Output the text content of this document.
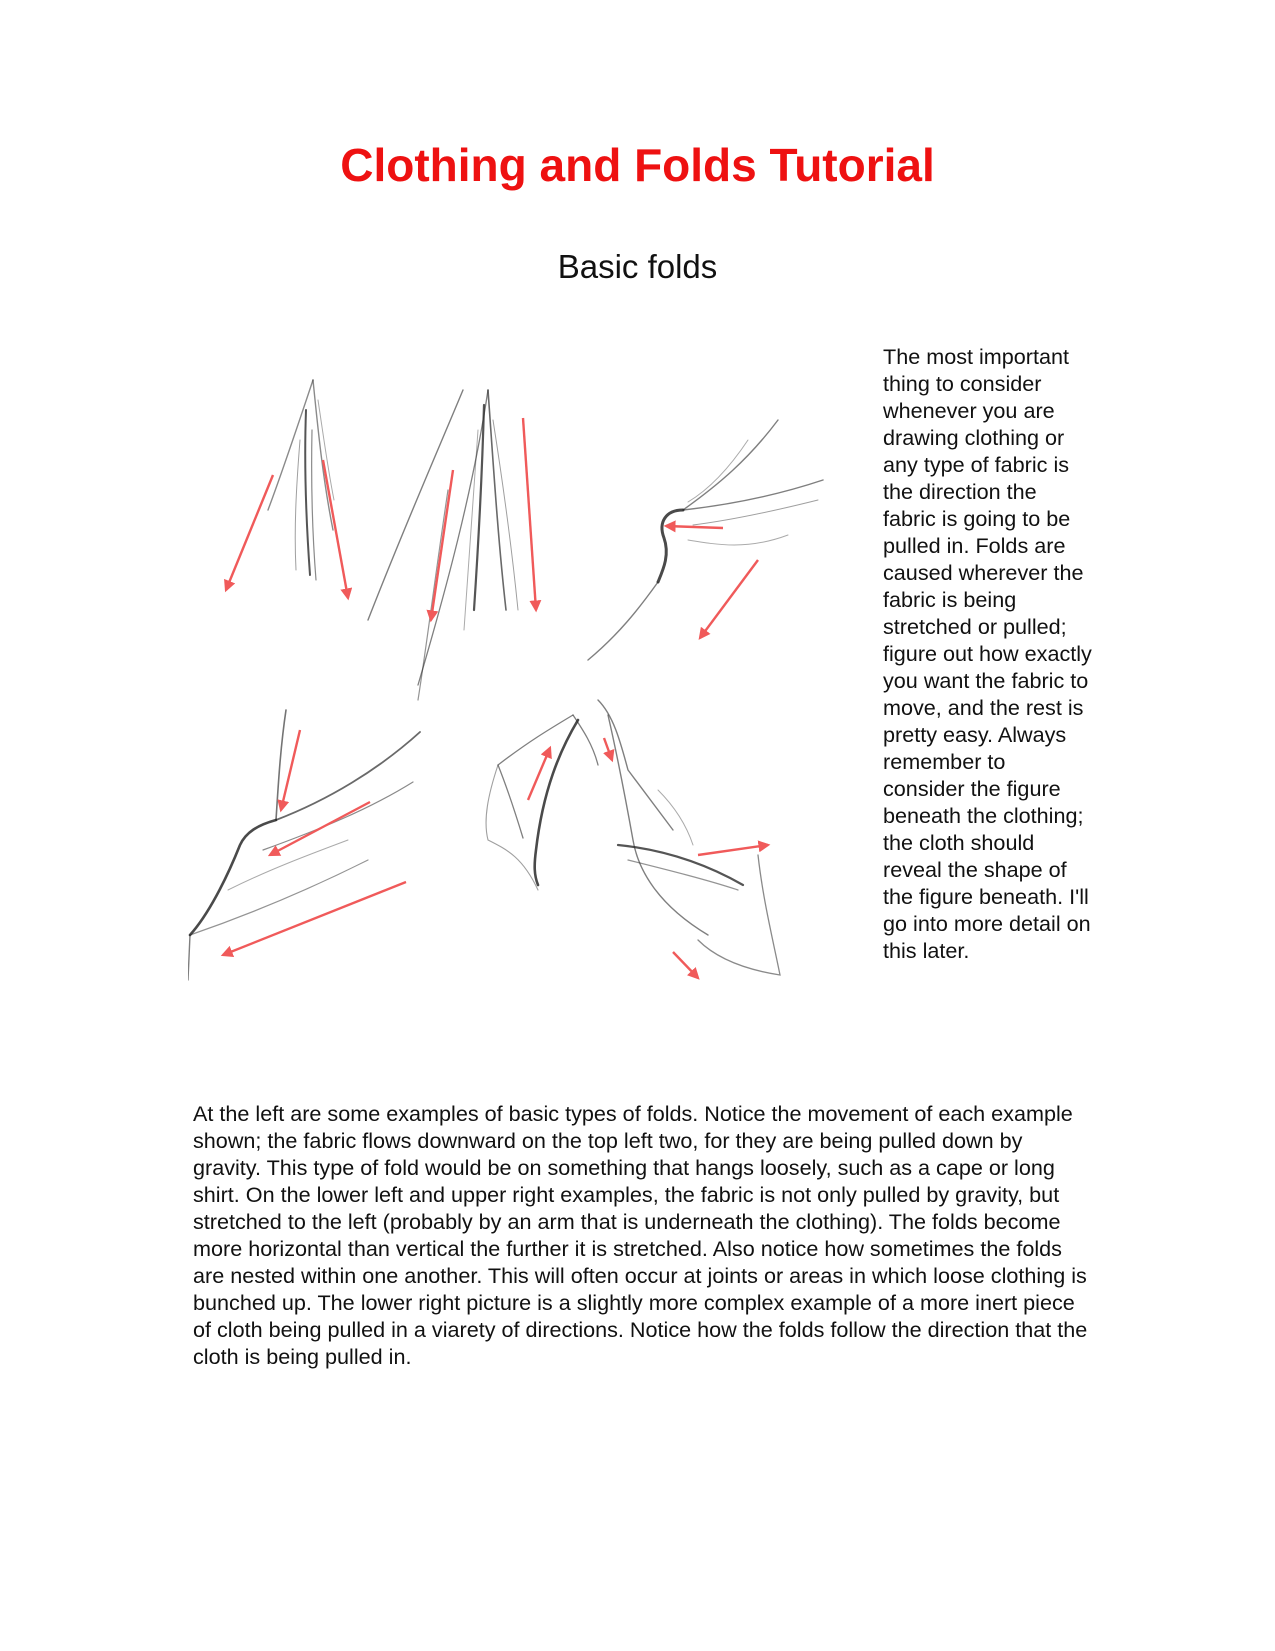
Clothing and Folds Tutorial
Basic folds

The most important thing to consider whenever you are drawing clothing or any type of fabric is the direction the fabric is going to be pulled in. Folds are caused wherever the fabric is being stretched or pulled; figure out how exactly you want the fabric to move, and the rest is pretty easy. Always remember to consider the figure beneath the clothing; the cloth should reveal the shape of the figure beneath. I'll go into more detail on this later.

At the left are some examples of basic types of folds. Notice the movement of each example shown; the fabric flows downward on the top left two, for they are being pulled down by gravity. This type of fold would be on something that hangs loosely, such as a cape or long shirt. On the lower left and upper right examples, the fabric is not only pulled by gravity, but stretched to the left (probably by an arm that is underneath the clothing). The folds become more horizontal than vertical the further it is stretched. Also notice how sometimes the folds are nested within one another. This will often occur at joints or areas in which loose clothing is bunched up. The lower right picture is a slightly more complex example of a more inert piece of cloth being pulled in a viarety of directions. Notice how the folds follow the direction that the cloth is being pulled in.
